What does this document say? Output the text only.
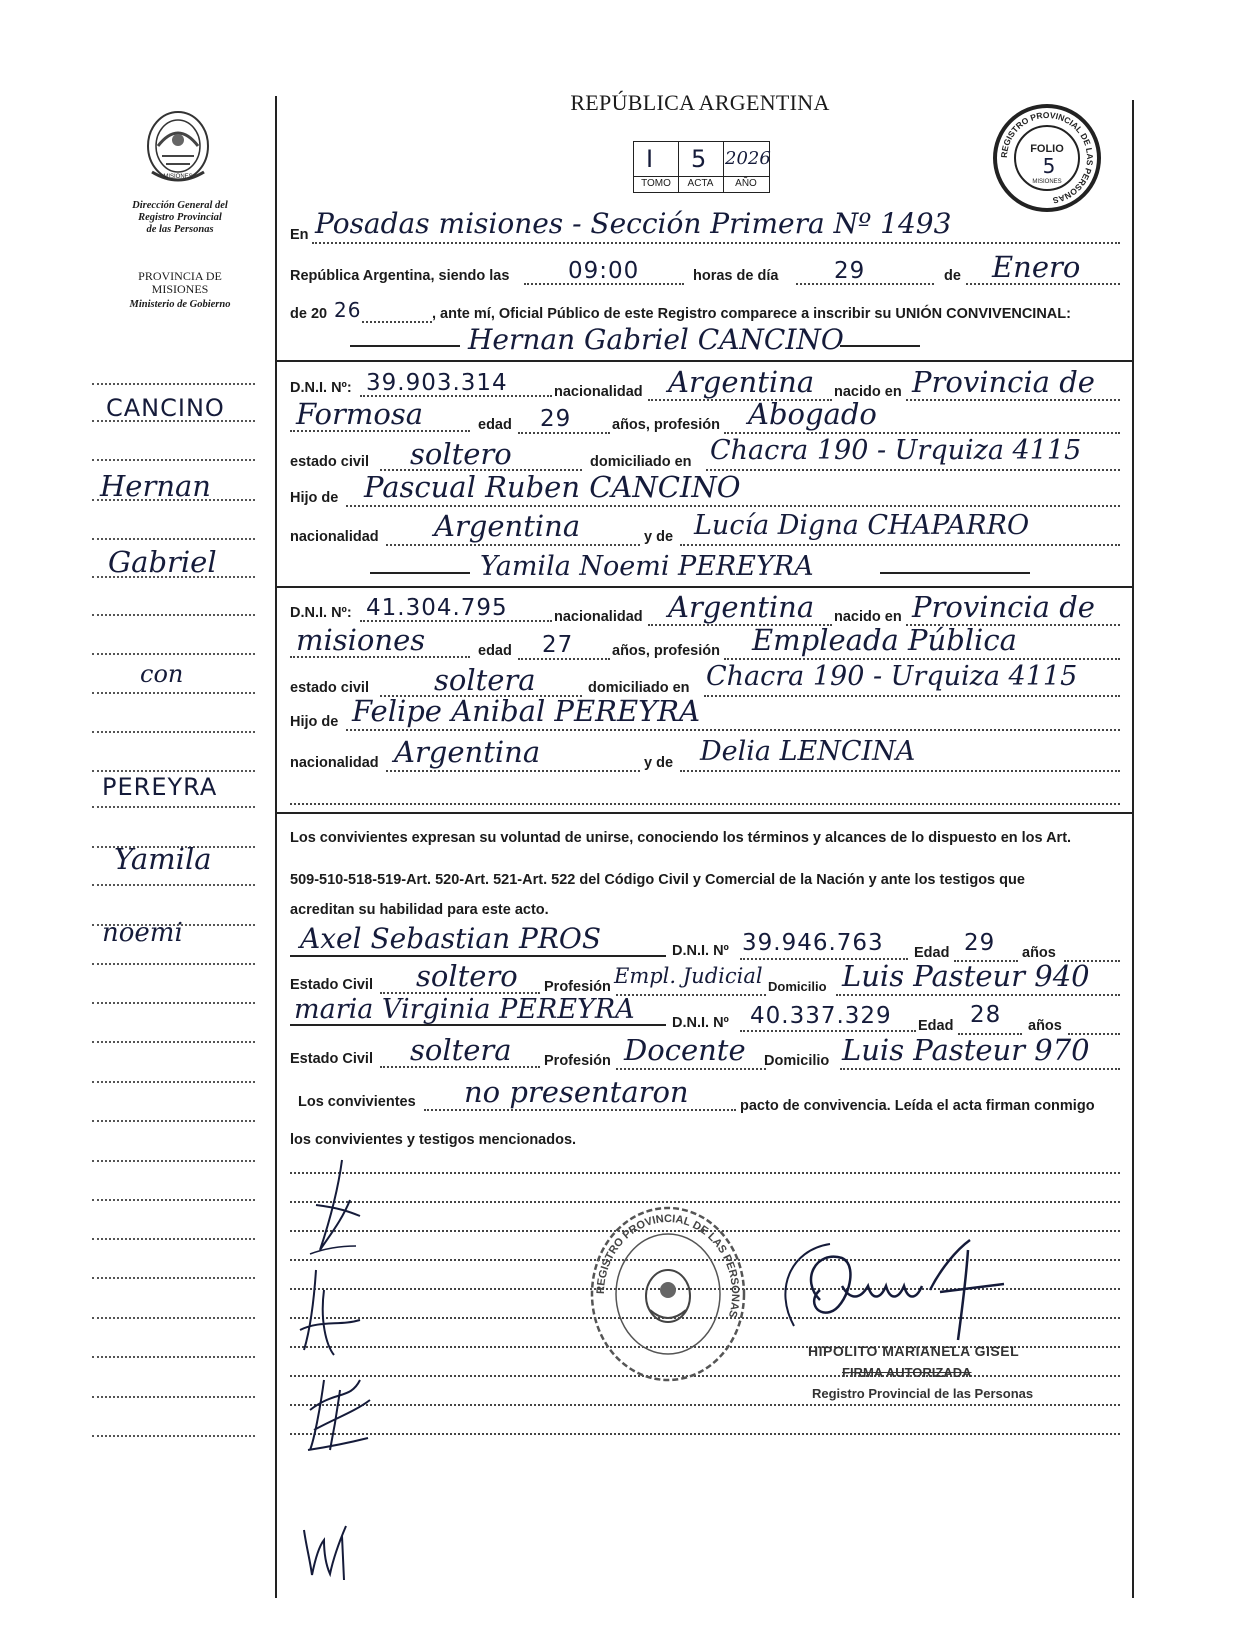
REPÚBLICA ARGENTINA
I 5 2026
TOMO	ACTA	AÑO
REGISTRO PROVINCIAL DE LAS PERSONAS
FOLIO
5
MISIONES
MISIONES
Dirección General del
Registro Provincial
de las Personas
PROVINCIA DE
MISIONES
Ministerio de Gobierno
CANCINO
Hernan
Gabriel
con
PEREYRA
Yamila
noemi
En Posadas misiones - Sección Primera Nº 1493
República Argentina, siendo las	09:00	horas de día 29	de Enero
de 20 26	, ante mí, Oficial Público de este Registro comparece a inscribir su UNIÓN CONVIVENCINAL:
Hernan Gabriel CANCINO
D.N.I. Nº: 39.903.314	nacionalidad Argentina nacido en Provincia de
Formosa	edad 29	años, profesión Abogado
estado civil soltero	domiciliado en Chacra 190 - Urquiza 4115
Hijo de Pascual Ruben CANCINO
nacionalidad Argentina	y de Lucía Digna CHAPARRO
Yamila Noemi PEREYRA
D.N.I. Nº: 41.304.795	nacionalidad Argentina nacido en Provincia de
misiones	edad 27	años, profesión Empleada Pública
estado civil soltera	domiciliado en Chacra 190 - Urquiza 4115
Hijo de Felipe Anibal PEREYRA
nacionalidad Argentina	y de Delia LENCINA
Los convivientes expresan su voluntad de unirse, conociendo los términos y alcances de lo dispuesto en los Art.
509-510-518-519-Art. 520-Art. 521-Art. 522 del Código Civil y Comercial de la Nación y ante los testigos que
acreditan su habilidad para este acto.
Axel Sebastian PROS	D.N.I. Nº 39.946.763 Edad 29 años
Estado Civil soltero Profesión Empl. Judicial Domicilio Luis Pasteur 940
maria Virginia PEREYRA	D.N.I. Nº 40.337.329 Edad 28 años
Estado Civil soltera Profesión Docente Domicilio Luis Pasteur 970
Los convivientes no presentaron	pacto de convivencia. Leída el acta firman conmigo
los convivientes y testigos mencionados.
REGISTRO PROVINCIAL DE LAS PERSONAS
HIPOLITO MARIANELA GISEL
FIRMA AUTORIZADA
Registro Provincial de las Personas
